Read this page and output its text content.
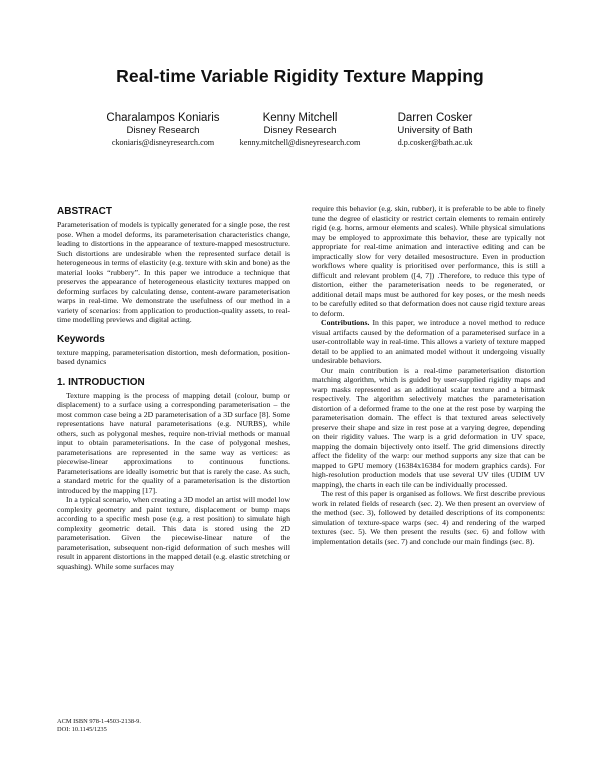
Real-time Variable Rigidity Texture Mapping
Charalampos Koniaris
Disney Research
ckoniaris@disneyresearch.com
Kenny Mitchell
Disney Research
kenny.mitchell@disneyresearch.com
Darren Cosker
University of Bath
d.p.cosker@bath.ac.uk
ABSTRACT

Parameterisation of models is typically generated for a single pose, the rest pose. When a model deforms, its parameterisation characteristics change, leading to distortions in the appearance of texture-mapped mesostructure. Such distortions are undesirable when the represented surface detail is heterogeneous in terms of elasticity (e.g. texture with skin and bone) as the material looks “rubbery”. In this paper we introduce a technique that preserves the appearance of heterogeneous elasticity textures mapped on deforming surfaces by calculating dense, content-aware parameterisation warps in real-time. We demonstrate the usefulness of our method in a variety of scenarios: from application to production-quality assets, to real-time modelling previews and digital acting.

Keywords

texture mapping, parameterisation distortion, mesh deformation, position-based dynamics

1. INTRODUCTION

Texture mapping is the process of mapping detail (colour, bump or displacement) to a surface using a corresponding parameterisation – the most common case being a 2D parameterisation of a 3D surface [8]. Some representations have natural parameterisations (e.g. NURBS), while others, such as polygonal meshes, require non-trivial methods or manual input to obtain parameterisations. In the case of polygonal meshes, parameterisations are represented in the same way as vertices: as piecewise-linear approximations to continuous functions. Parameterisations are ideally isometric but that is rarely the case. As such, a standard metric for the quality of a parameterisation is the distortion introduced by the mapping [17].

In a typical scenario, when creating a 3D model an artist will model low complexity geometry and paint texture, displacement or bump maps according to a specific mesh pose (e.g. a rest position) to simulate high complexity geometric detail. This data is stored using the 2D parameterisation. Given the piecewise-linear nature of the parameterisation, subsequent non-rigid deformation of such meshes will result in apparent distortions in the mapped detail (e.g. elastic stretching or squashing). While some surfaces may

require this behavior (e.g. skin, rubber), it is preferable to be able to finely tune the degree of elasticity or restrict certain elements to remain entirely rigid (e.g. horns, armour elements and scales). While physical simulations may be employed to approximate this behavior, these are typically not appropriate for real-time animation and interactive editing and can be impractically slow for very detailed mesostructure. Even in production workflows where quality is prioritised over performance, this is still a difficult and relevant problem ([4, 7]) .Therefore, to reduce this type of distortion, either the parameterisation needs to be regenerated, or additional detail maps must be authored for key poses, or the mesh needs to be carefully edited so that deformation does not cause rigid texture areas to deform.

Contributions. In this paper, we introduce a novel method to reduce visual artifacts caused by the deformation of a parameterised surface in a user-controllable way in real-time. This allows a variety of texture mapped detail to be applied to an animated model without it undergoing visually undesirable behaviors.

Our main contribution is a real-time parameterisation distortion matching algorithm, which is guided by user-supplied rigidity maps and warp masks represented as an additional scalar texture and a bitmask respectively. The algorithm selectively matches the parameterisation distortion of a deformed frame to the one at the rest pose by warping the parameterisation domain. The effect is that textured areas selectively preserve their shape and size in rest pose at a varying degree, depending on their rigidity values. The warp is a grid deformation in UV space, mapping the domain bijectively onto itself. The grid dimensions directly affect the fidelity of the warp: our method supports any size that can be mapped to GPU memory (16384x16384 for modern graphics cards). For high-resolution production models that use several UV tiles (UDIM UV mapping), the charts in each tile can be individually processed.

The rest of this paper is organised as follows. We first describe previous work in related fields of research (sec. 2). We then present an overview of the method (sec. 3), followed by detailed descriptions of its components: simulation of texture-space warps (sec. 4) and rendering of the warped textures (sec. 5). We then present the results (sec. 6) and follow with implementation details (sec. 7) and conclude our main findings (sec. 8).

ACM ISBN 978-1-4503-2138-9.
DOI: 10.1145/1235
